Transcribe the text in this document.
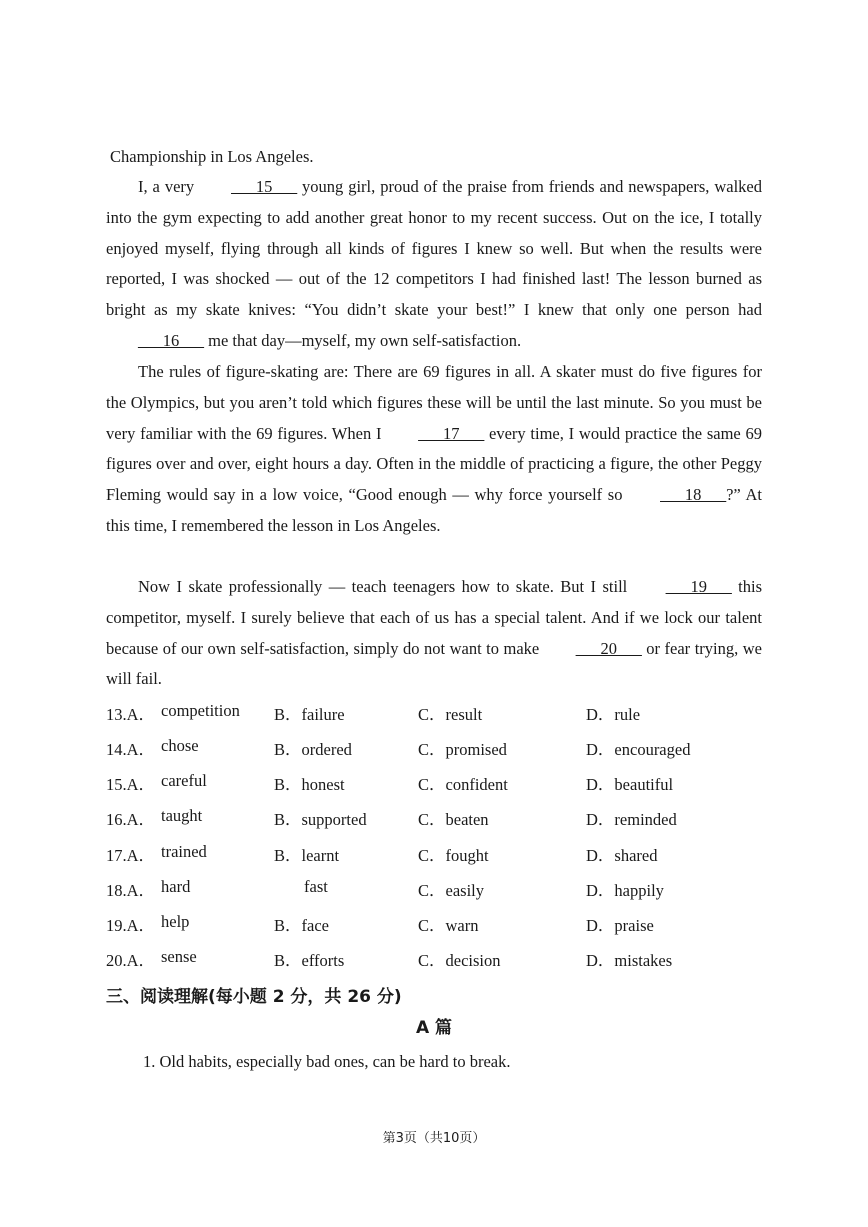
Championship in Los Angeles.

I, a very ___15___ young girl, proud of the praise from friends and newspapers, walked into the gym expecting to add another great honor to my recent success. Out on the ice, I totally enjoyed myself, flying through all kinds of figures I knew so well. But when the results were reported, I was shocked — out of the 12 competitors I had finished last! The lesson burned as bright as my skate knives: “You didn’t skate your best!” I knew that only one person had ___16___ me that day—myself, my own self-satisfaction.

The rules of figure-skating are: There are 69 figures in all. A skater must do five figures for the Olympics, but you aren’t told which figures these will be until the last minute. So you must be very familiar with the 69 figures. When I ___17___ every time, I would practice the same 69 figures over and over, eight hours a day. Often in the middle of practicing a figure, the other Peggy Fleming would say in a low voice, “Good enough — why force yourself so ___18___?” At this time, I remembered the lesson in Los Angeles.

Now I skate professionally — teach teenagers how to skate. But I still ___19___ this competitor, myself. I surely believe that each of us has a special talent. And if we lock our talent because of our own self-satisfaction, simply do not want to make ___20___ or fear trying, we will fail.

13.A． competition B．failure	C．result	D．rule
14.A． chose	B．ordered	C．promised	D．encouraged
15.A． careful	B．honest	C．confident	D．beautiful
16.A． taught	B．supported	C．beaten	D．reminded
17.A． trained	B．learnt	C．fought	D．shared
18.A． hard	fast	C．easily	D．happily
19.A． help	B．face	C．warn	D．praise
20.A． sense	B．efforts	C．decision	D．mistakes
三、阅读理解(每小题 2 分，共 26 分)
A 篇
1. Old habits, especially bad ones, can be hard to break.
第3页（共10页）
